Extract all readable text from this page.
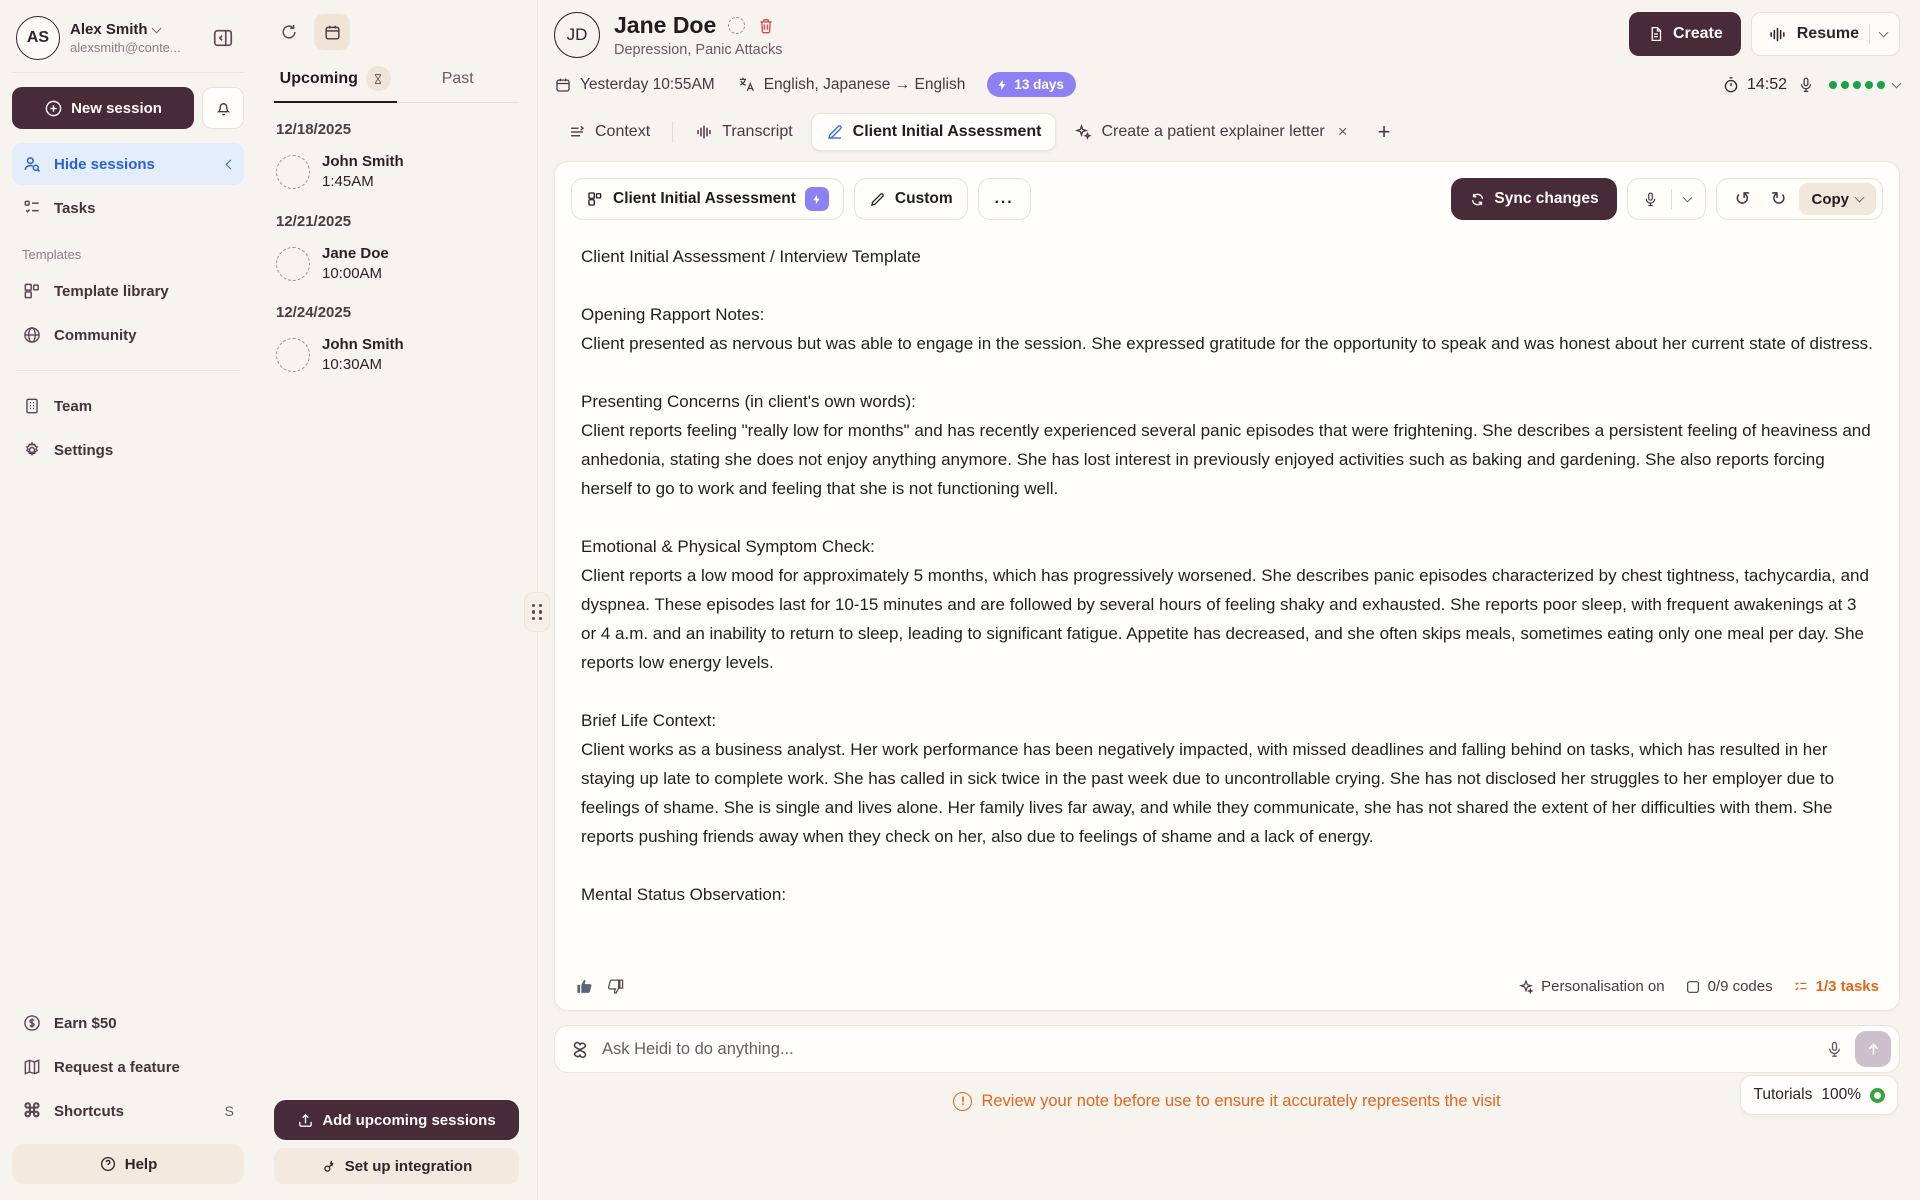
AS	Alex Smith
alexsmith@conte...
New session
Hide sessions
Tasks
Templates
Template library
Community
Team
Settings
Earn $50
Request a feature
⌘ Shortcuts	S
Help
Upcoming	Past
12/18/2025
John Smith
1:45AM
12/21/2025
Jane Doe
10:00AM
12/24/2025
John Smith
10:30AM
Add upcoming sessions
Set up integration
JD	Jane Doe
Depression, Panic Attacks
Create	Resume
Yesterday 10:55AM	English, Japanese → English	13 days	14:52
Context	Transcript	Client Initial Assessment	Create a patient explainer letter ×	+
Client Initial Assessment	Custom	...	Sync changes	↺	↻	Copy
Client Initial Assessment / Interview Template
Opening Rapport Notes:
Client presented as nervous but was able to engage in the session. She expressed gratitude for the opportunity to speak and was honest about her current state of distress.
Presenting Concerns (in client's own words):
Client reports feeling "really low for months" and has recently experienced several panic episodes that were frightening. She describes a persistent feeling of heaviness and anhedonia, stating she does not enjoy anything anymore. She has lost interest in previously enjoyed activities such as baking and gardening. She also reports forcing herself to go to work and feeling that she is not functioning well.
Emotional & Physical Symptom Check:
Client reports a low mood for approximately 5 months, which has progressively worsened. She describes panic episodes characterized by chest tightness, tachycardia, and dyspnea. These episodes last for 10-15 minutes and are followed by several hours of feeling shaky and exhausted. She reports poor sleep, with frequent awakenings at 3 or 4 a.m. and an inability to return to sleep, leading to significant fatigue. Appetite has decreased, and she often skips meals, sometimes eating only one meal per day. She reports low energy levels.
Brief Life Context:
Client works as a business analyst. Her work performance has been negatively impacted, with missed deadlines and falling behind on tasks, which has resulted in her staying up late to complete work. She has called in sick twice in the past week due to uncontrollable crying. She has not disclosed her struggles to her employer due to feelings of shame. She is single and lives alone. Her family lives far away, and while they communicate, she has not shared the extent of her difficulties with them. She reports pushing friends away when they check on her, also due to feelings of shame and a lack of energy.
Mental Status Observation:
Personalisation on	0/9 codes	1/3 tasks
Ask Heidi to do anything...
!	Review your note before use to ensure it accurately represents the visit	Tutorials 100%
